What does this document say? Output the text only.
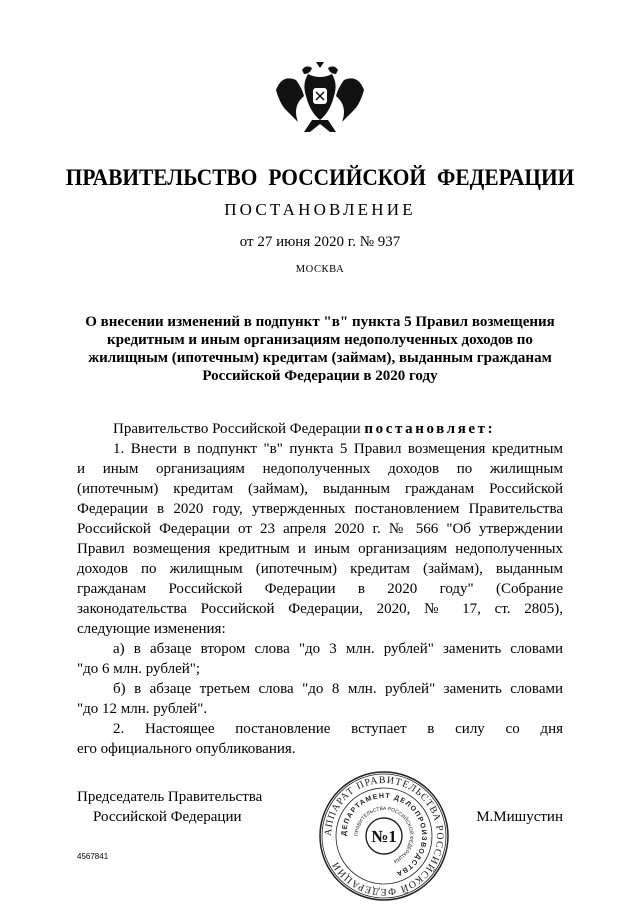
ПРАВИТЕЛЬСТВО РОССИЙСКОЙ ФЕДЕРАЦИИ
ПОСТАНОВЛЕНИЕ
от 27 июня 2020 г. № 937
МОСКВА
О внесении изменений в подпункт "в" пункта 5 Правил возмещения
кредитным и иным организациям недополученных доходов по
жилищным (ипотечным) кредитам (займам), выданным гражданам
Российской Федерации в 2020 году
Правительство Российской Федерации постановляет:
1. Внести в подпункт "в" пункта 5 Правил возмещения кредитным
и иным организациям недополученных доходов по жилищным
(ипотечным) кредитам (займам), выданным гражданам Российской
Федерации в 2020 году, утвержденных постановлением Правительства
Российской Федерации от 23 апреля 2020 г. № 566 "Об утверждении
Правил возмещения кредитным и иным организациям недополученных
доходов по жилищным (ипотечным) кредитам (займам), выданным
гражданам Российской Федерации в 2020 году" (Собрание
законодательства Российской Федерации, 2020, № 17, ст. 2805),
следующие изменения:
а) в абзаце втором слова "до 3 млн. рублей" заменить словами
"до 6 млн. рублей";
б) в абзаце третьем слова "до 8 млн. рублей" заменить словами
"до 12 млн. рублей".
2. Настоящее постановление вступает в силу со дня
его официального опубликования.
Председатель Правительства
Российской Федерации	М.Мишустин
4567841
АППАРАТ ПРАВИТЕЛЬСТВА РОССИЙСКОЙ ФЕДЕРАЦИИ
ДЕПАРТАМЕНТ ДЕЛОПРОИЗВОДСТВА
ПРАВИТЕЛЬСТВА РОССИЙСКОЙ ФЕДЕРАЦИИ
№1
